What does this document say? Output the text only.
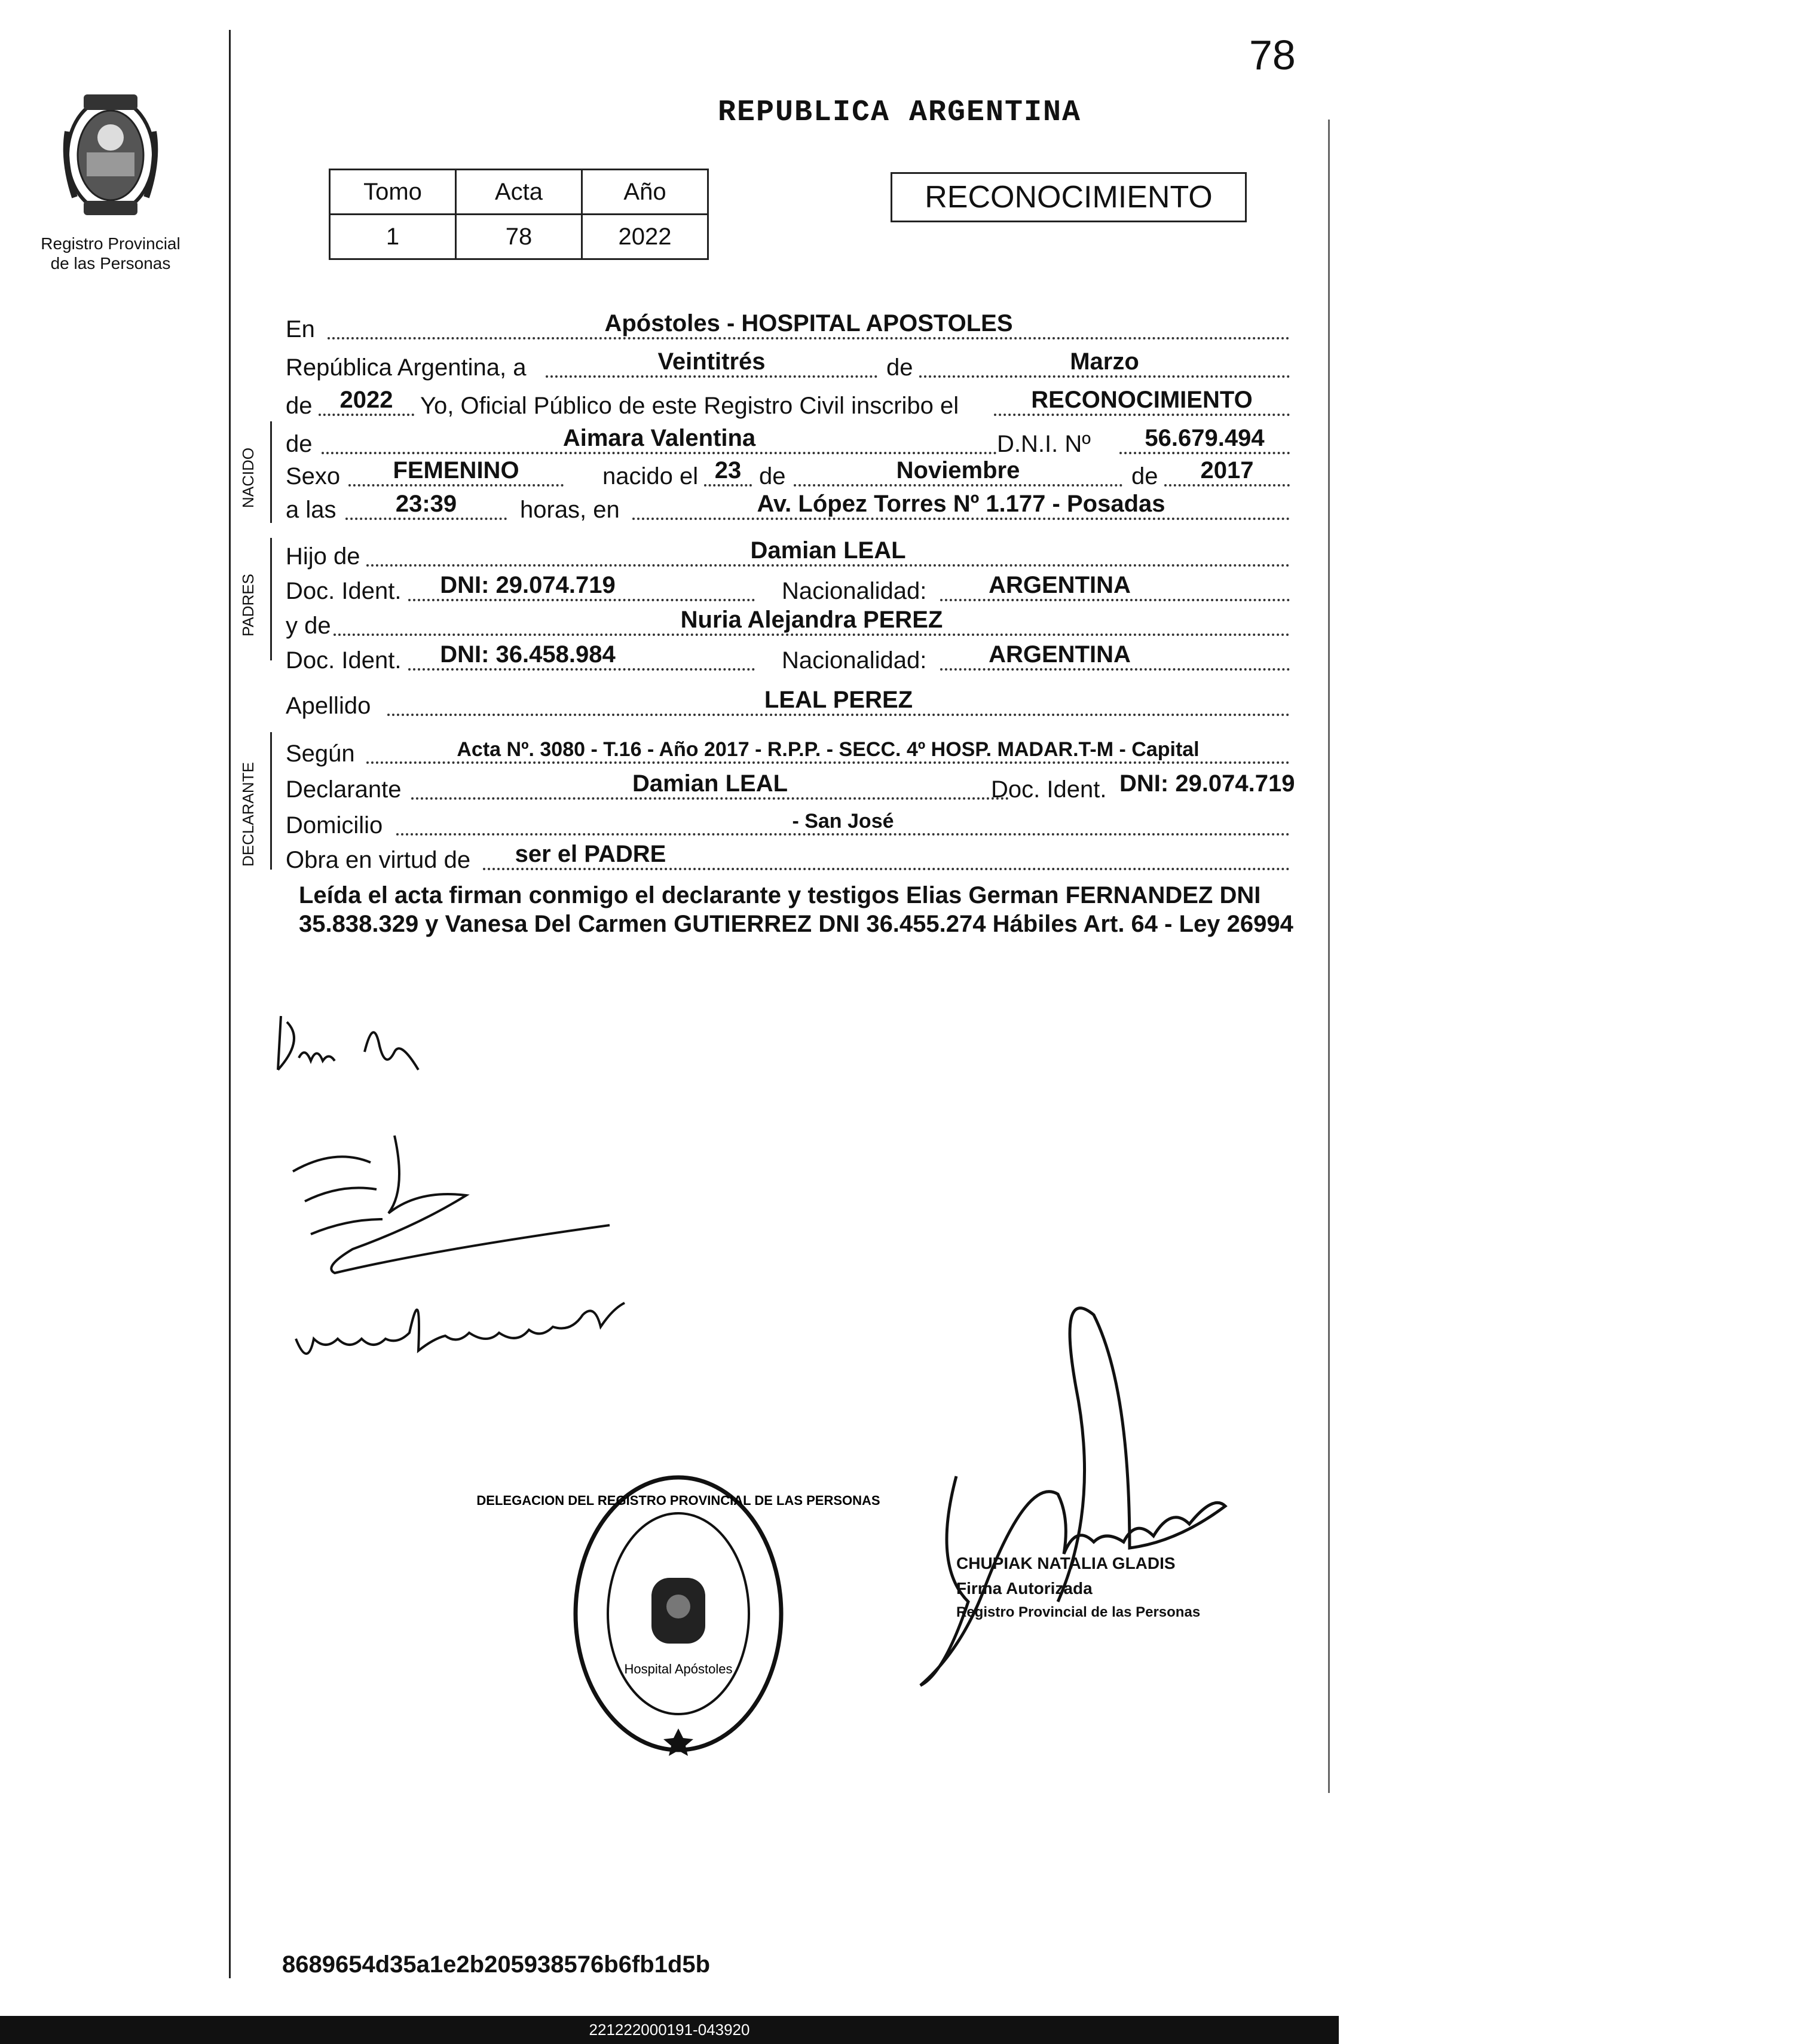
78
Registro Provincial
de las Personas
REPUBLICA ARGENTINA
Tomo	Acta	Año
1	78	2022
RECONOCIMIENTO
En	Apóstoles - HOSPITAL APOSTOLES
República Argentina, a	Veintitrés	de	Marzo
de	2022	Yo, Oficial Público de este Registro Civil inscribo el	RECONOCIMIENTO
NACIDO
de	Aimara Valentina	D.N.I. Nº	56.679.494
Sexo	FEMENINO	nacido el 23 de	Noviembre	de	2017
a las	23:39	horas, en	Av. López Torres Nº 1.177 - Posadas
PADRES
Hijo de	Damian LEAL
Doc. Ident.	DNI: 29.074.719	Nacionalidad:	ARGENTINA
y de	Nuria Alejandra PEREZ
Doc. Ident.	DNI: 36.458.984	Nacionalidad:	ARGENTINA
Apellido	LEAL PEREZ
DECLARANTE
Según	Acta Nº. 3080 - T.16 - Año 2017 - R.P.P. - SECC. 4º HOSP. MADAR.T-M - Capital
Declarante	Damian LEAL	Doc. Ident. DNI: 29.074.719
Domicilio	- San José
Obra en virtud de	ser el PADRE
Leída el acta firman conmigo el declarante y testigos Elias German FERNANDEZ DNI 35.838.329 y Vanesa Del Carmen GUTIERREZ DNI 36.455.274 Hábiles Art. 64 - Ley 26994
DELEGACION DEL REGISTRO PROVINCIAL DE LAS PERSONAS
Hospital Apóstoles
CHUPIAK NATALIA GLADIS
Firma Autorizada
Registro Provincial de las Personas
8689654d35a1e2b205938576b6fb1d5b
221222000191-043920
